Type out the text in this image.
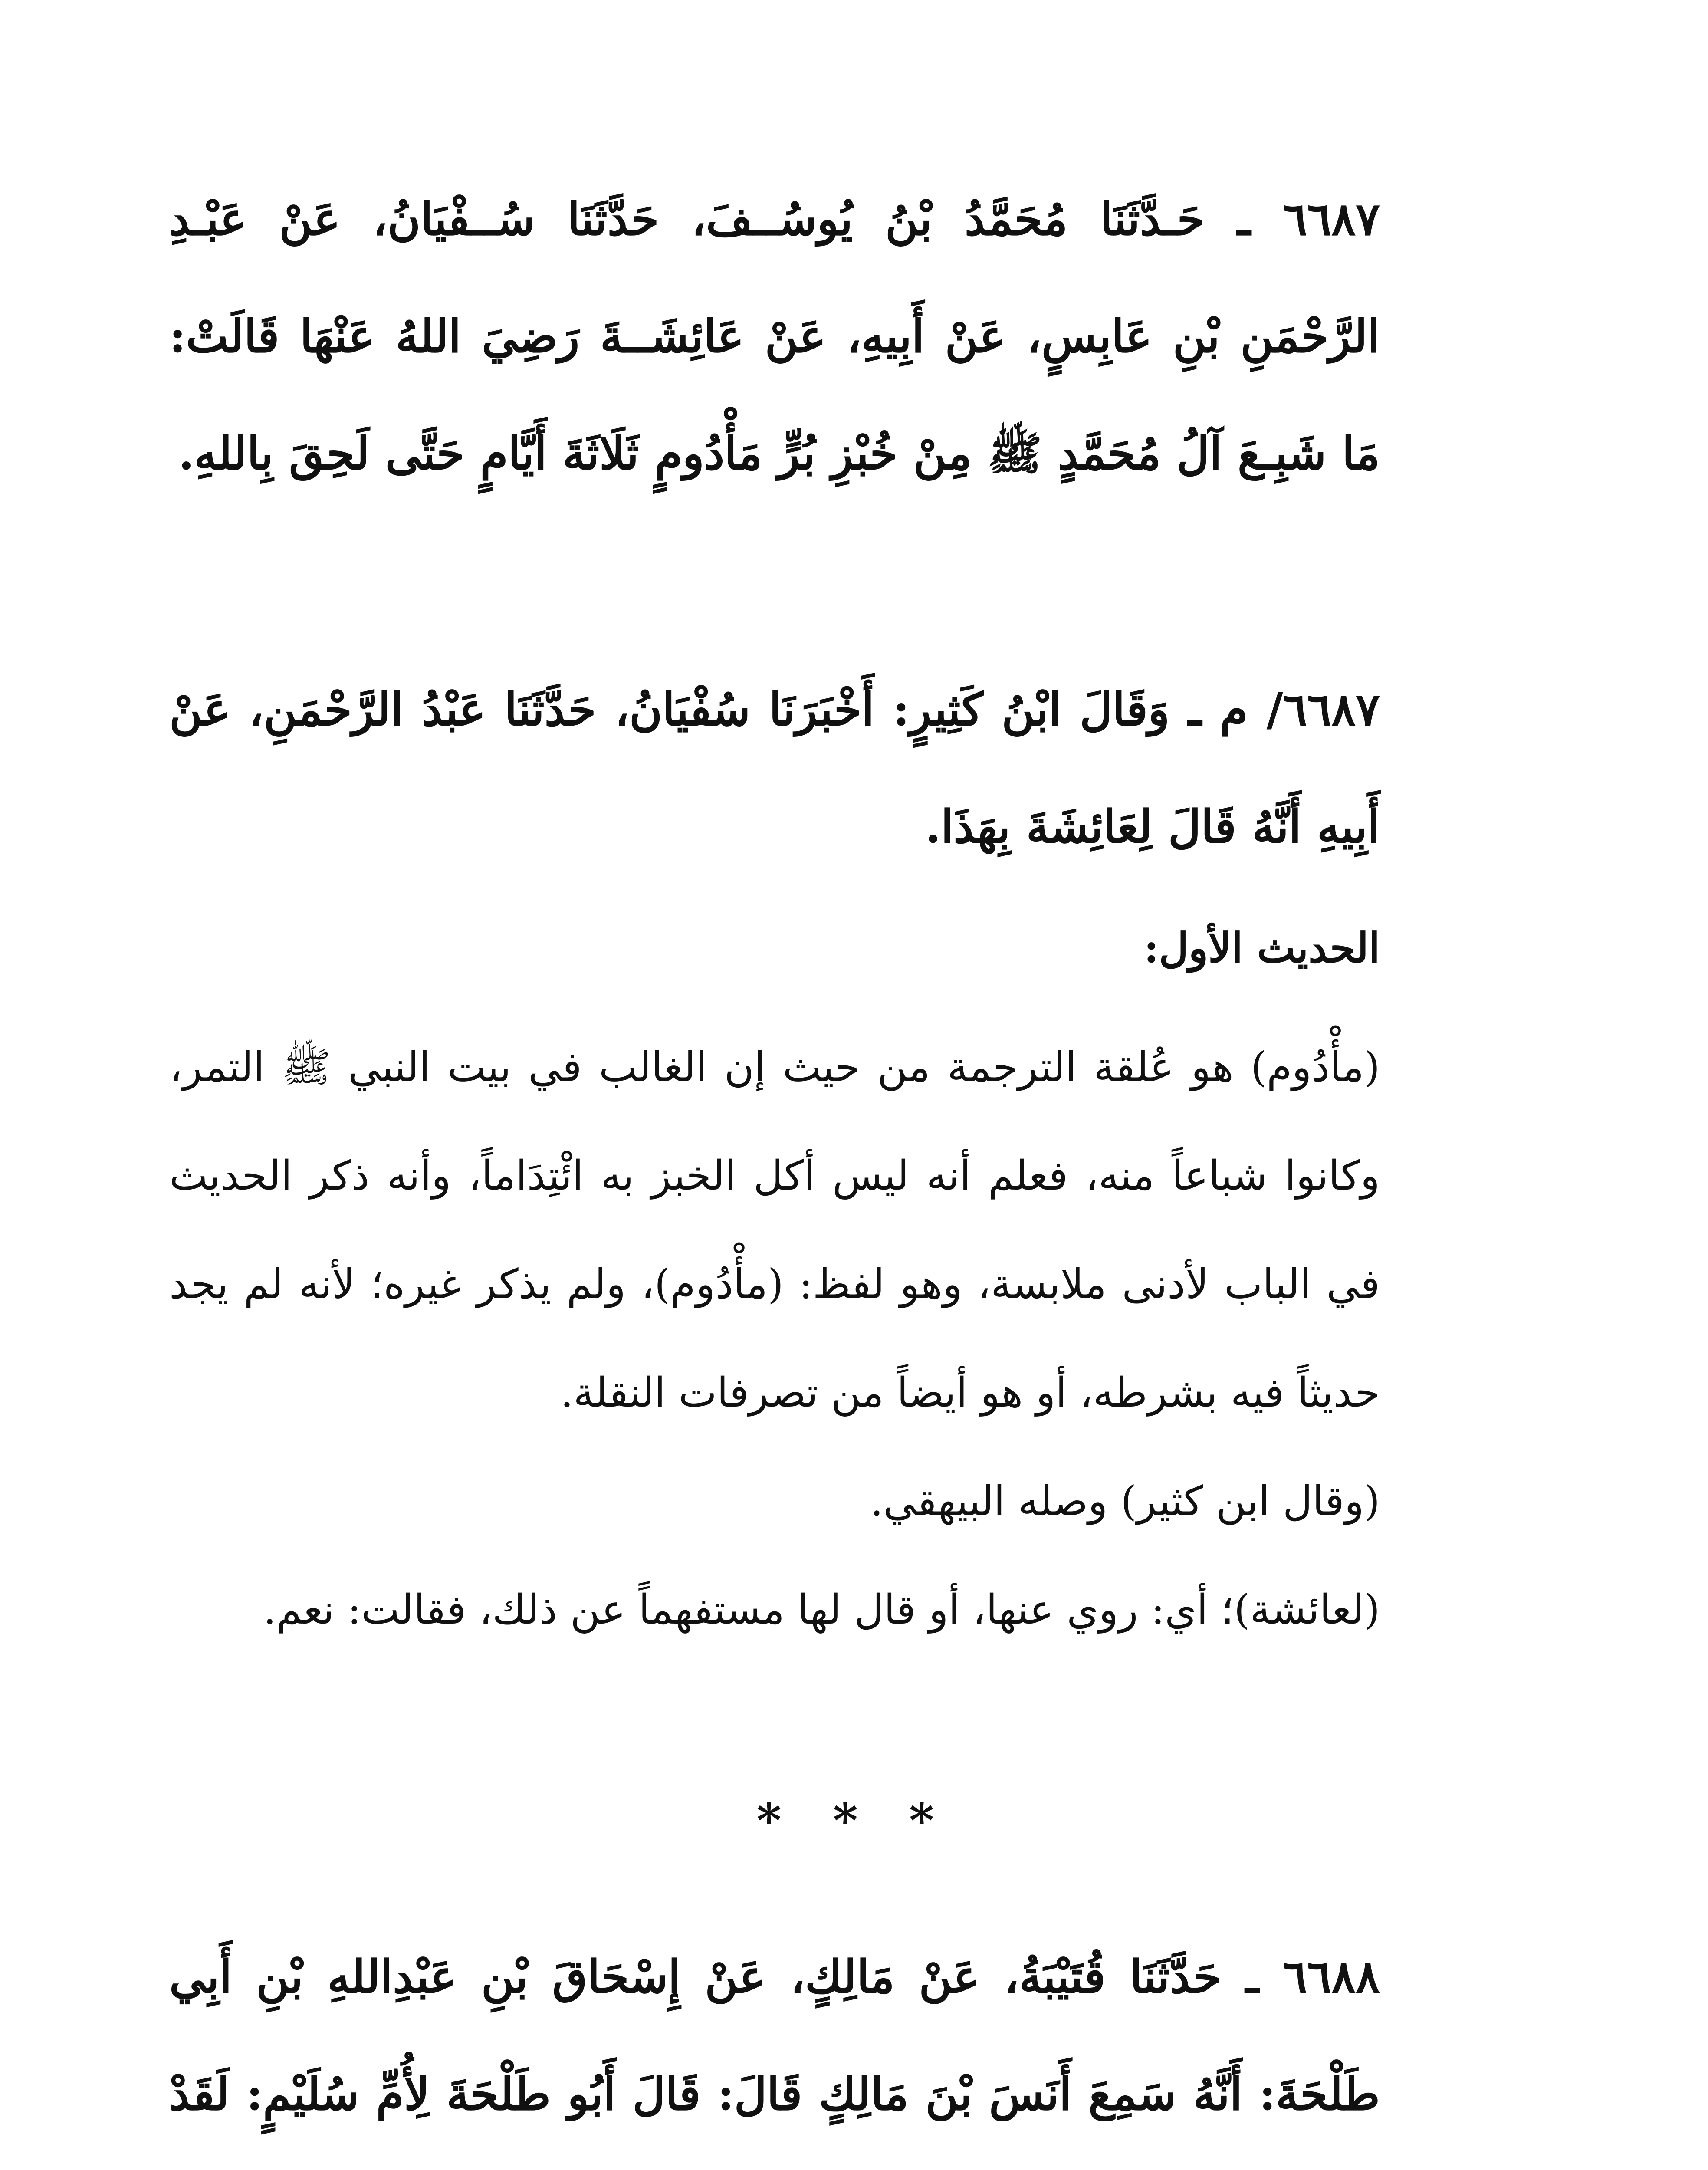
٦٦٨٧ ـ حَـدَّثَنَا مُحَمَّدُ بْنُ يُوسُــفَ، حَدَّثَنَا سُــفْيَانُ، عَنْ عَبْـدِ الرَّحْمَنِ بْنِ عَابِسٍ، عَنْ أَبِيهِ، عَنْ عَائِشَــةَ رَضِيَ اللهُ عَنْهَا قَالَتْ: مَا شَبِـعَ آلُ مُحَمَّدٍ ﷺ مِنْ خُبْزِ بُرٍّ مَأْدُومٍ ثَلَاثَةَ أَيَّامٍ حَتَّى لَحِقَ بِاللهِ.

٦٦٨٧/ م ـ وَقَالَ ابْنُ كَثِيرٍ: أَخْبَرَنَا سُفْيَانُ، حَدَّثَنَا عَبْدُ الرَّحْمَنِ، عَنْ أَبِيهِ أَنَّهُ قَالَ لِعَائِشَةَ بِهَذَا.

الحديث الأول:

(مأْدُوم) هو عُلقة الترجمة من حيث إن الغالب في بيت النبي ﷺ التمر، وكانوا شباعاً منه، فعلم أنه ليس أكل الخبز به ائْتِدَاماً، وأنه ذكر الحديث في الباب لأدنى ملابسة، وهو لفظ: (مأْدُوم)، ولم يذكر غيره؛ لأنه لم يجد حديثاً فيه بشرطه، أو هو أيضاً من تصرفات النقلة.

(وقال ابن كثير) وصله البيهقي.

(لعائشة)؛ أي: روي عنها، أو قال لها مستفهماً عن ذلك، فقالت: نعم.

* * *

٦٦٨٨ ـ حَدَّثَنَا قُتَيْبَةُ، عَنْ مَالِكٍ، عَنْ إِسْحَاقَ بْنِ عَبْدِاللهِ بْنِ أَبِي طَلْحَةَ: أَنَّهُ سَمِعَ أَنَسَ بْنَ مَالِكٍ قَالَ: قَالَ أَبُو طَلْحَةَ لِأُمِّ سُلَيْمٍ: لَقَدْ
